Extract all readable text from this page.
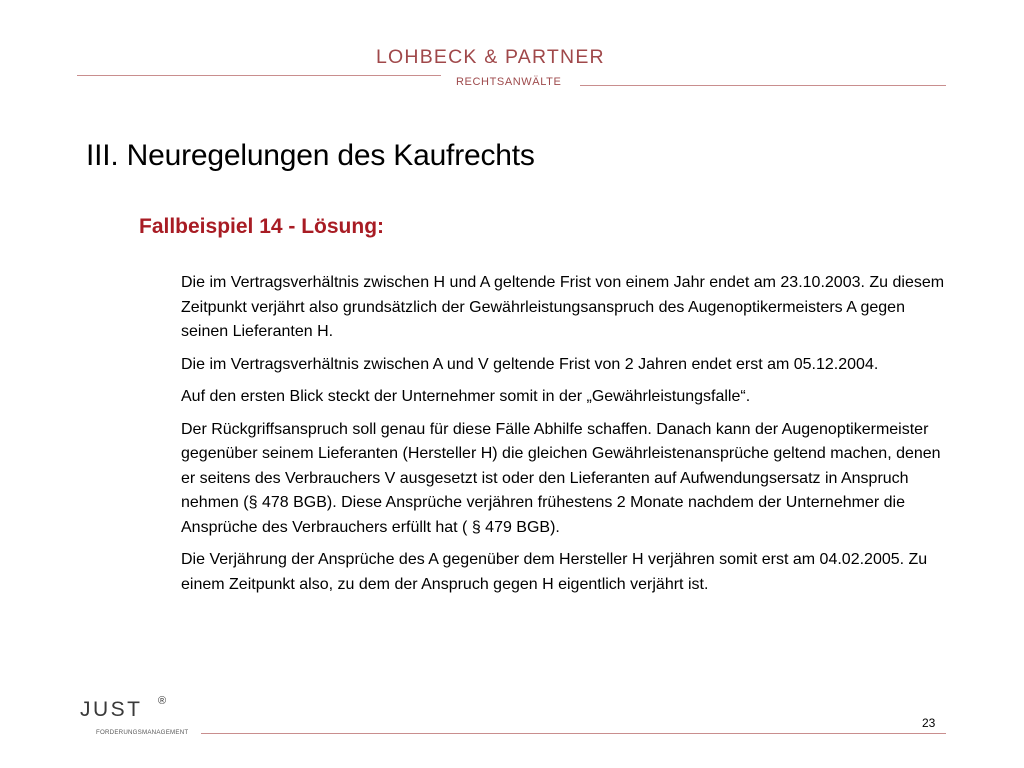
LOHBECK & PARTNER
RECHTSANWÄLTE
III. Neuregelungen des Kaufrechts
Fallbeispiel 14 - Lösung:

Die im Vertragsverhältnis zwischen H und A geltende Frist von einem Jahr endet am 23.10.2003. Zu diesem Zeitpunkt verjährt also grundsätzlich der Gewährleistungsanspruch des Augenoptikermeisters A gegen seinen Lieferanten H.

Die im Vertragsverhältnis zwischen A und V geltende Frist von 2 Jahren endet erst am 05.12.2004.

Auf den ersten Blick steckt der Unternehmer somit in der „Gewährleistungsfalle“.

Der Rückgriffsanspruch soll genau für diese Fälle Abhilfe schaffen. Danach kann der Augenoptikermeister gegenüber seinem Lieferanten (Hersteller H) die gleichen Gewährleistenansprüche geltend machen, denen er seitens des Verbrauchers V ausgesetzt ist oder den Lieferanten auf Aufwendungsersatz in Anspruch nehmen (§ 478 BGB). Diese Ansprüche verjähren frühestens 2 Monate nachdem der Unternehmer die Ansprüche des Verbrauchers erfüllt hat ( § 479 BGB).

Die Verjährung der Ansprüche des A gegenüber dem Hersteller H verjähren somit erst am 04.02.2005. Zu einem Zeitpunkt also, zu dem der Anspruch gegen H eigentlich verjährt ist.

JUST ®
FORDERUNGSMANAGEMENT
23
